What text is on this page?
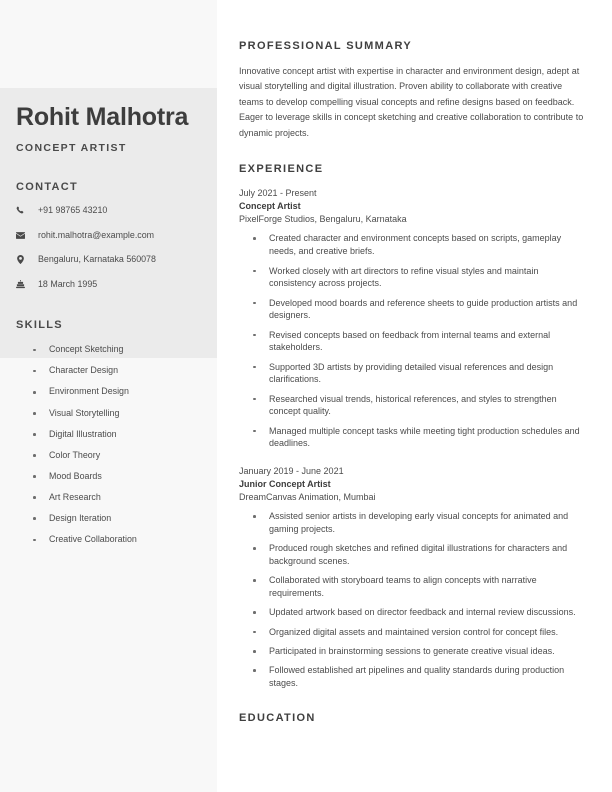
Rohit Malhotra
CONCEPT ARTIST
CONTACT
+91 98765 43210
rohit.malhotra@example.com
Bengaluru, Karnataka 560078
18 March 1995
SKILLS
Concept Sketching
Character Design
Environment Design
Visual Storytelling
Digital Illustration
Color Theory
Mood Boards
Art Research
Design Iteration
Creative Collaboration
PROFESSIONAL SUMMARY

Innovative concept artist with expertise in character and environment design, adept at visual storytelling and digital illustration. Proven ability to collaborate with creative teams to develop compelling visual concepts and refine designs based on feedback. Eager to leverage skills in concept sketching and creative collaboration to contribute to dynamic projects.

EXPERIENCE
July 2021 - Present
Concept Artist
PixelForge Studios, Bengaluru, Karnataka
Created character and environment concepts based on scripts, gameplay needs, and creative briefs.
Worked closely with art directors to refine visual styles and maintain consistency across projects.
Developed mood boards and reference sheets to guide production artists and designers.
Revised concepts based on feedback from internal teams and external stakeholders.
Supported 3D artists by providing detailed visual references and design clarifications.
Researched visual trends, historical references, and styles to strengthen concept quality.
Managed multiple concept tasks while meeting tight production schedules and deadlines.
January 2019 - June 2021
Junior Concept Artist
DreamCanvas Animation, Mumbai
Assisted senior artists in developing early visual concepts for animated and gaming projects.
Produced rough sketches and refined digital illustrations for characters and background scenes.
Collaborated with storyboard teams to align concepts with narrative requirements.
Updated artwork based on director feedback and internal review discussions.
Organized digital assets and maintained version control for concept files.
Participated in brainstorming sessions to generate creative visual ideas.
Followed established art pipelines and quality standards during production stages.
EDUCATION
